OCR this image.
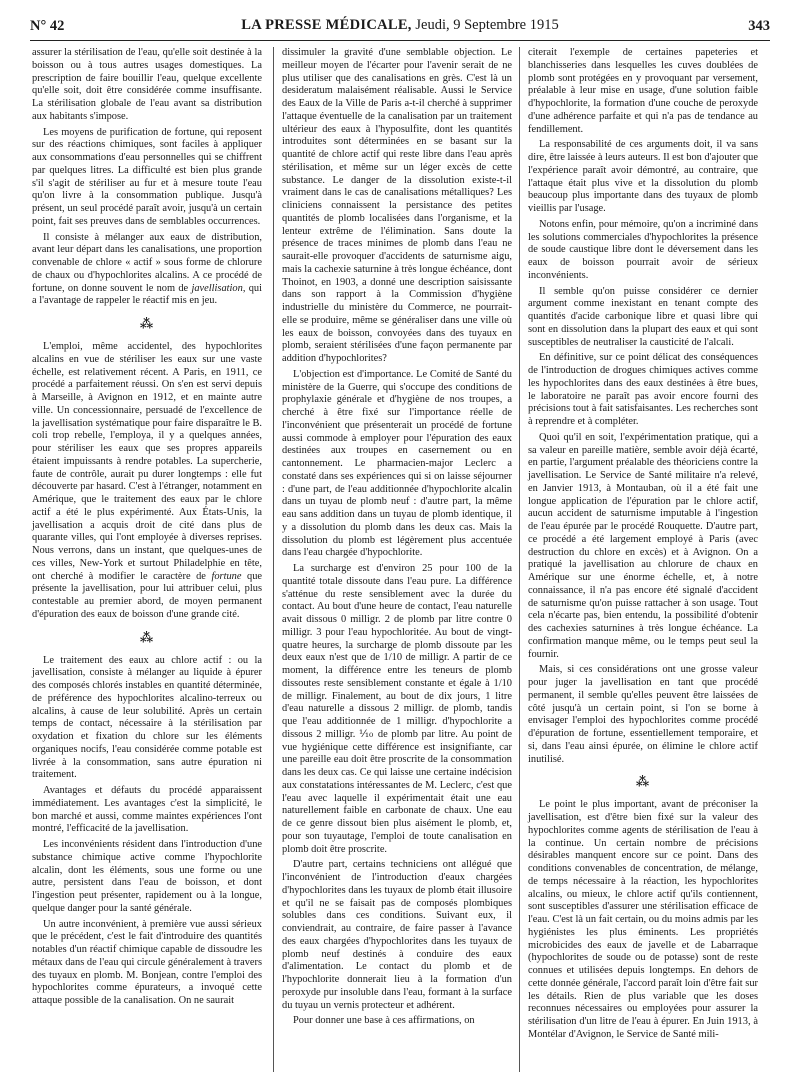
N° 42	LA PRESSE MÉDICALE, Jeudi, 9 Septembre 1915	343

assurer la stérilisation de l'eau, qu'elle soit destinée à la boisson ou à tous autres usages domestiques. La prescription de faire bouillir l'eau, quelque excellente qu'elle soit, doit être considérée comme insuffisante. La stérilisation globale de l'eau avant sa distribution aux habitants s'impose.

Les moyens de purification de fortune, qui reposent sur des réactions chimiques, sont faciles à appliquer aux consommations d'eau personnelles qui se chiffrent par quelques litres. La difficulté est bien plus grande s'il s'agit de stériliser au fur et à mesure toute l'eau qu'on livre à la consommation publique. Jusqu'à présent, un seul procédé paraît avoir, jusqu'à un certain point, fait ses preuves dans de semblables occurrences.

Il consiste à mélanger aux eaux de distribution, avant leur départ dans les canalisations, une proportion convenable de chlore « actif » sous forme de chlorure de chaux ou d'hypochlorites alcalins. A ce procédé de fortune, on donne souvent le nom de javellisation, qui a l'avantage de rappeler le réactif mis en jeu.

⁂

L'emploi, même accidentel, des hypochlorites alcalins en vue de stériliser les eaux sur une vaste échelle, est relativement récent. A Paris, en 1911, ce procédé a parfaitement réussi. On s'en est servi depuis à Marseille, à Avignon en 1912, et en mainte autre ville. Un concessionnaire, persuadé de l'excellence de la javellisation systématique pour faire disparaître le B. coli trop rebelle, l'employa, il y a quelques années, pour stériliser les eaux que ses propres appareils étaient impuissants à rendre potables. La supercherie, faute de contrôle, aurait pu durer longtemps : elle fut découverte par hasard. C'est à l'étranger, notamment en Amérique, que le traitement des eaux par le chlore actif a été le plus expérimenté. Aux États-Unis, la javellisation a acquis droit de cité dans plus de quarante villes, qui l'ont employée à diverses reprises. Nous verrons, dans un instant, que quelques-unes de ces villes, New-York et surtout Philadelphie en tête, ont cherché à modifier le caractère de fortune que présente la javellisation, pour lui attribuer celui, plus contestable au premier abord, de moyen permanent d'épuration des eaux de boisson d'une grande cité.

⁂

Le traitement des eaux au chlore actif : ou la javellisation, consiste à mélanger au liquide à épurer des composés chlorés instables en quantité déterminée, de préférence des hypochlorites alcalino-terreux ou alcalins, à cause de leur solubilité. Après un certain temps de contact, nécessaire à la stérilisation par oxydation et fixation du chlore sur les éléments organiques nocifs, l'eau considérée comme potable est livrée à la consommation, sans autre épuration ni traitement.

Avantages et défauts du procédé apparaissent immédiatement. Les avantages c'est la simplicité, le bon marché et aussi, comme maintes expériences l'ont montré, l'efficacité de la javellisation.

Les inconvénients résident dans l'introduction d'une substance chimique active comme l'hypochlorite alcalin, dont les éléments, sous une forme ou une autre, persistent dans l'eau de boisson, et dont l'ingestion peut présenter, rapidement ou à la longue, quelque danger pour la santé générale.

Un autre inconvénient, à première vue aussi sérieux que le précédent, c'est le fait d'introduire des quantités notables d'un réactif chimique capable de dissoudre les métaux dans de l'eau qui circule généralement à travers des tuyaux en plomb. M. Bonjean, contre l'emploi des hypochlorites comme épurateurs, a invoqué cette attaque possible de la canalisation. On ne saurait

dissimuler la gravité d'une semblable objection. Le meilleur moyen de l'écarter pour l'avenir serait de ne plus utiliser que des canalisations en grès. C'est là un desideratum malaisément réalisable. Aussi le Service des Eaux de la Ville de Paris a-t-il cherché à supprimer l'attaque éventuelle de la canalisation par un traitement ultérieur des eaux à l'hyposulfite, dont les quantités introduites sont déterminées en se basant sur la quantité de chlore actif qui reste libre dans l'eau après stérilisation, et même sur un léger excès de cette substance. Le danger de la dissolution existe-t-il vraiment dans le cas de canalisations métalliques? Les cliniciens connaissent la persistance des petites quantités de plomb localisées dans l'organisme, et la lenteur extrême de l'élimination. Sans doute la présence de traces minimes de plomb dans l'eau ne saurait-elle provoquer d'accidents de saturnisme aigu, mais la cachexie saturnine à très longue échéance, dont Thoinot, en 1903, a donné une description saisissante dans son rapport à la Commission d'hygiène industrielle du ministère du Commerce, ne pourrait-elle se produire, même se généraliser dans une ville où les eaux de boisson, convoyées dans des tuyaux en plomb, seraient stérilisées d'une façon permanente par addition d'hypochlorites?

L'objection est d'importance. Le Comité de Santé du ministère de la Guerre, qui s'occupe des conditions de prophylaxie générale et d'hygiène de nos troupes, a cherché à être fixé sur l'importance réelle de l'inconvénient que présenterait un procédé de fortune aussi commode à employer pour l'épuration des eaux destinées aux troupes en casernement ou en cantonnement. Le pharmacien-major Leclerc a constaté dans ses expériences qui si on laisse séjourner : d'une part, de l'eau additionnée d'hypochlorite alcalin dans un tuyau de plomb neuf : d'autre part, la même eau sans addition dans un tuyau de plomb identique, il y a dissolution du plomb dans les deux cas. Mais la dissolution du plomb est légèrement plus accentuée dans l'eau chargée d'hypochlorite.

La surcharge est d'environ 25 pour 100 de la quantité totale dissoute dans l'eau pure. La différence s'atténue du reste sensiblement avec la durée du contact. Au bout d'une heure de contact, l'eau naturelle avait dissous 0 milligr. 2 de plomb par litre contre 0 milligr. 3 pour l'eau hypochloritée. Au bout de vingt-quatre heures, la surcharge de plomb dissoute par les deux eaux n'est que de 1/10 de milligr. A partir de ce moment, la différence entre les teneurs de plomb dissoutes reste sensiblement constante et égale à 1/10 de milligr. Finalement, au bout de dix jours, 1 litre d'eau naturelle a dissous 2 milligr. de plomb, tandis que l'eau additionnée de 1 milligr. d'hypochlorite a dissous 2 milligr. ⅒ de plomb par litre. Au point de vue hygiénique cette différence est insignifiante, car une pareille eau doit être proscrite de la consommation dans les deux cas. Ce qui laisse une certaine indécision aux constatations intéressantes de M. Leclerc, c'est que l'eau avec laquelle il expérimentait était une eau naturellement faible en carbonate de chaux. Une eau de ce genre dissout bien plus aisément le plomb, et, pour son tuyautage, l'emploi de toute canalisation en plomb doit être proscrite.

D'autre part, certains techniciens ont allégué que l'inconvénient de l'introduction d'eaux chargées d'hypochlorites dans les tuyaux de plomb était illusoire et qu'il ne se faisait pas de composés plombiques solubles dans ces conditions. Suivant eux, il conviendrait, au contraire, de faire passer à l'avance des eaux chargées d'hypochlorites dans les tuyaux de plomb neuf destinés à conduire des eaux d'alimentation. Le contact du plomb et de l'hypochlorite donnerait lieu à la formation d'un peroxyde pur insoluble dans l'eau, formant à la surface du tuyau un vernis protecteur et adhérent.

Pour donner une base à ces affirmations, on

citerait l'exemple de certaines papeteries et blanchisseries dans lesquelles les cuves doublées de plomb sont protégées en y provoquant par versement, préalable à leur mise en usage, d'une solution faible d'hypochlorite, la formation d'une couche de peroxyde d'une adhérence parfaite et qui n'a pas de tendance au fendillement.

La responsabilité de ces arguments doit, il va sans dire, être laissée à leurs auteurs. Il est bon d'ajouter que l'expérience paraît avoir démontré, au contraire, que l'attaque était plus vive et la dissolution du plomb beaucoup plus importante dans des tuyaux de plomb vieillis par l'usage.

Notons enfin, pour mémoire, qu'on a incriminé dans les solutions commerciales d'hypochlorites la présence de soude caustique libre dont le déversement dans les eaux de boisson pourrait avoir de sérieux inconvénients.

Il semble qu'on puisse considérer ce dernier argument comme inexistant en tenant compte des quantités d'acide carbonique libre et quasi libre qui sont en dissolution dans la plupart des eaux et qui sont susceptibles de neutraliser la causticité de l'alcali.

En définitive, sur ce point délicat des conséquences de l'introduction de drogues chimiques actives comme les hypochlorites dans des eaux destinées à être bues, le laboratoire ne paraît pas avoir encore fourni des précisions tout à fait satisfaisantes. Les recherches sont à reprendre et à compléter.

Quoi qu'il en soit, l'expérimentation pratique, qui a sa valeur en pareille matière, semble avoir déjà écarté, en partie, l'argument préalable des théoriciens contre la javellisation. Le Service de Santé militaire n'a relevé, en Janvier 1913, à Montauban, où il a été fait une longue application de l'épuration par le chlore actif, aucun accident de saturnisme imputable à l'ingestion de l'eau épurée par le procédé Rouquette. D'autre part, ce procédé a été largement employé à Paris (avec destruction du chlore en excès) et à Avignon. On a pratiqué la javellisation au chlorure de chaux en Amérique sur une énorme échelle, et, à notre connaissance, il n'a pas encore été signalé d'accident de saturnisme qu'on puisse rattacher à son usage. Tout cela n'écarte pas, bien entendu, la possibilité d'obtenir des cachexies saturnines à très longue échéance. La confirmation manque même, ou le temps peut seul la fournir.

Mais, si ces considérations ont une grosse valeur pour juger la javellisation en tant que procédé permanent, il semble qu'elles peuvent être laissées de côté jusqu'à un certain point, si l'on se borne à envisager l'emploi des hypochlorites comme procédé d'épuration de fortune, essentiellement temporaire, et si, dans l'eau ainsi épurée, on élimine le chlore actif inutilisé.

⁂

Le point le plus important, avant de préconiser la javellisation, est d'être bien fixé sur la valeur des hypochlorites comme agents de stérilisation de l'eau à la continue. Un certain nombre de précisions désirables manquent encore sur ce point. Dans des conditions convenables de concentration, de mélange, de temps nécessaire à la réaction, les hypochlorites alcalins, ou mieux, le chlore actif qu'ils contiennent, sont susceptibles d'assurer une stérilisation efficace de l'eau. C'est là un fait certain, ou du moins admis par les hygiénistes les plus éminents. Les propriétés microbicides des eaux de javelle et de Labarraque (hypochlorites de soude ou de potasse) sont de reste connues et utilisées depuis longtemps. En dehors de cette donnée générale, l'accord paraît loin d'être fait sur les détails. Rien de plus variable que les doses reconnues nécessaires ou employées pour assurer la stérilisation d'un litre de l'eau à épurer. En Juin 1913, à Montélar d'Avignon, le Service de Santé mili-
